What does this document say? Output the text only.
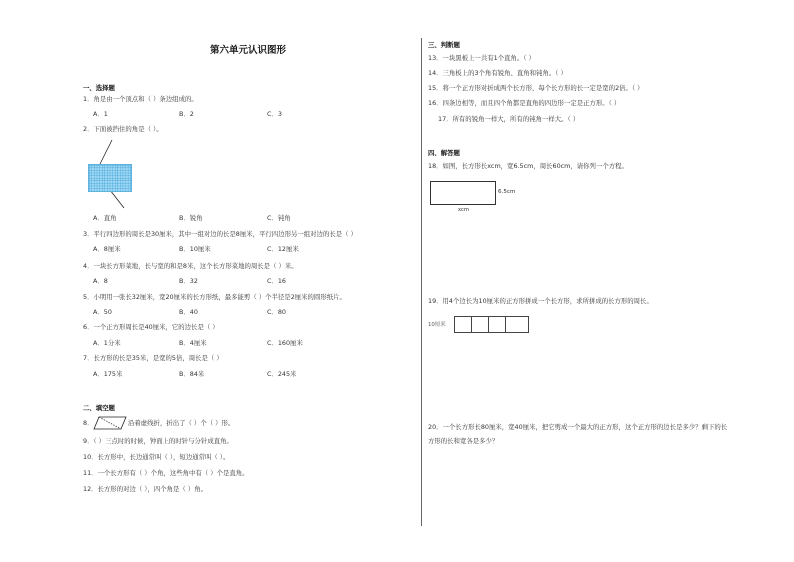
第六单元认识图形
一、选择题
1．角是由一个顶点和（ ）条边组成的。
A．1	B．2	C．3
2．下面被挡住的角是（ ）。
A．直角	B．锐角	C．钝角
3．平行四边形的周长是30厘米，其中一组对边的长是8厘米，平行四边形另一组对边的长是（ ）
A．8厘米	B．10厘米	C．12厘米
4．一块长方形菜地，长与宽的和是8米，这个长方形菜地的周长是（ ）米。
A．8	B．32	C．16
5．小明用一张长32厘米，宽20厘米的长方形纸，最多能剪（ ）个半径是2厘米的圆形纸片。
A．50	B．40	C．80
6．一个正方形周长是40厘米，它的边长是（ ）
A．1分米	B．4厘米	C．160厘米
7．长方形的长是35米，是宽的5倍，周长是（ ）
A．175米	B．84米	C．245米
二、填空题
8．	沿着虚线折，折出了（ ）个（ ）形。
9．（ ）三点时的时候，钟面上的时针与分针成直角。
10．长方形中，长边通常叫（ ），短边通常叫（ ）。
11．一个长方形有（ ）个角，这些角中有（ ）个是直角。
12．长方形的对边（ ），四个角是（ ）角。
三、判断题
13．一块黑板上一共有1个直角。（ ）
14．三角板上的3个角有锐角、直角和钝角。（ ）
15．将一个正方形对折成两个长方形，每个长方形的长一定是宽的2倍。（ ）
16．四条边相等，而且四个角都是直角的四边形一定是正方形。（ ）
17．所有的锐角一样大，所有的钝角一样大。（ ）
四、解答题
18．如图，长方形长xcm，宽6.5cm，周长60cm，请你列一个方程。
6.5cm
xcm
19．用4个边长为10厘米的正方形拼成一个长方形，求所拼成的长方形的周长。
10厘米
20．一个长方形长80厘米，宽40厘米，把它剪成一个最大的正方形，这个正方形的边长是多少？剩下的长
方形的长和宽各是多少？
